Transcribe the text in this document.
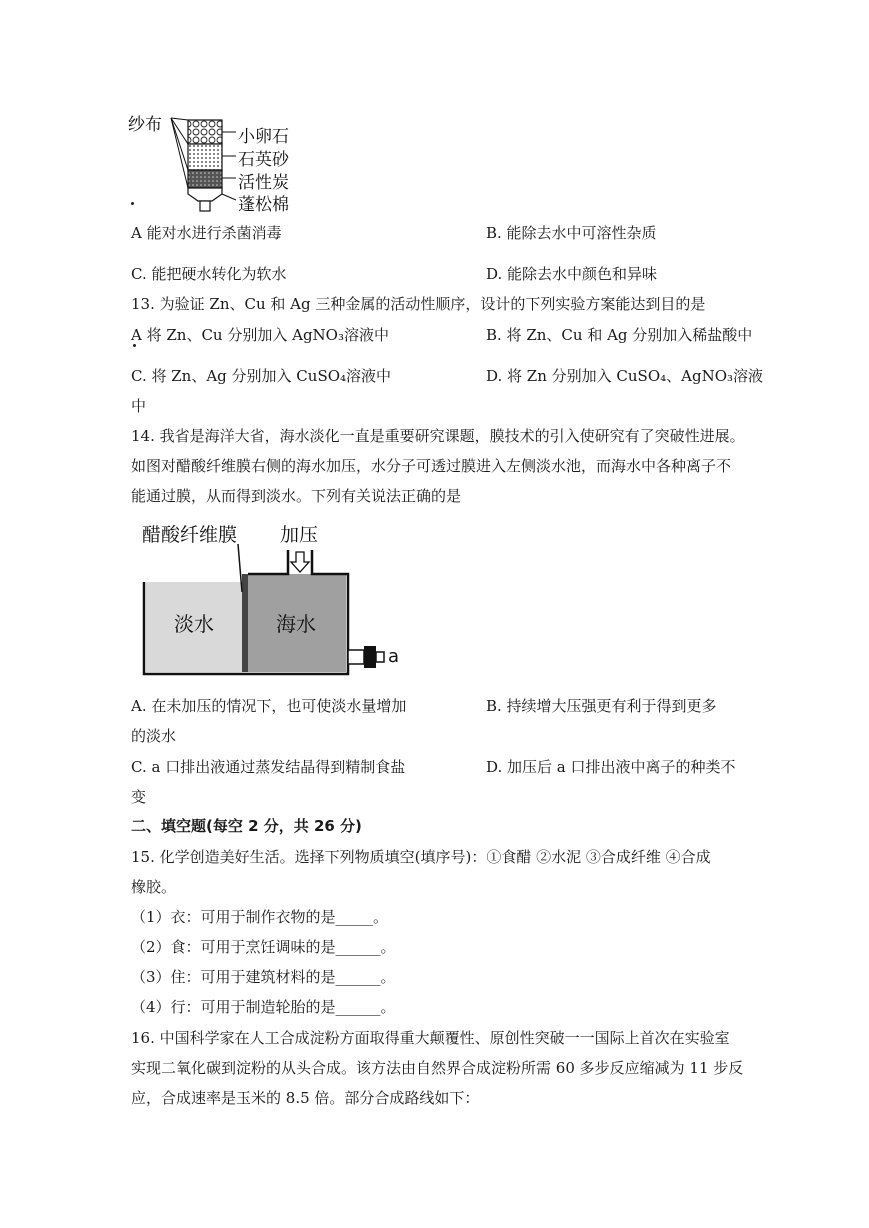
纱布
小卵石
石英砂
活性炭
蓬松棉
A 能对水进行杀菌消毒	B. 能除去水中可溶性杂质
C. 能把硬水转化为软水	D. 能除去水中颜色和异味
13. 为验证 Zn、Cu 和 Ag 三种金属的活动性顺序，设计的下列实验方案能达到目的是
A 将 Zn、Cu 分别加入 AgNO₃溶液中	B. 将 Zn、Cu 和 Ag 分别加入稀盐酸中
C. 将 Zn、Ag 分别加入 CuSO₄溶液中	D. 将 Zn 分别加入 CuSO₄、AgNO₃溶液
中
14. 我省是海洋大省，海水淡化一直是重要研究课题，膜技术的引入使研究有了突破性进展。
如图对醋酸纤维膜右侧的海水加压，水分子可透过膜进入左侧淡水池，而海水中各种离子不
能通过膜，从而得到淡水。下列有关说法正确的是
醋酸纤维膜 加压
淡水	海水
a
A. 在未加压的情况下，也可使淡水量增加	B. 持续增大压强更有利于得到更多
的淡水
C. a 口排出液通过蒸发结晶得到精制食盐	D. 加压后 a 口排出液中离子的种类不
变
二、填空题(每空 2 分，共 26 分)
15. 化学创造美好生活。选择下列物质填空(填序号)：①食醋 ②水泥 ③合成纤维 ④合成
橡胶。
（1）衣：可用于制作衣物的是_____。
（2）食：可用于烹饪调味的是______。
（3）住：可用于建筑材料的是______。
（4）行：可用于制造轮胎的是______。
16. 中国科学家在人工合成淀粉方面取得重大颠覆性、原创性突破一一国际上首次在实验室
实现二氧化碳到淀粉的从头合成。该方法由自然界合成淀粉所需 60 多步反应缩减为 11 步反
应，合成速率是玉米的 8.5 倍。部分合成路线如下：
